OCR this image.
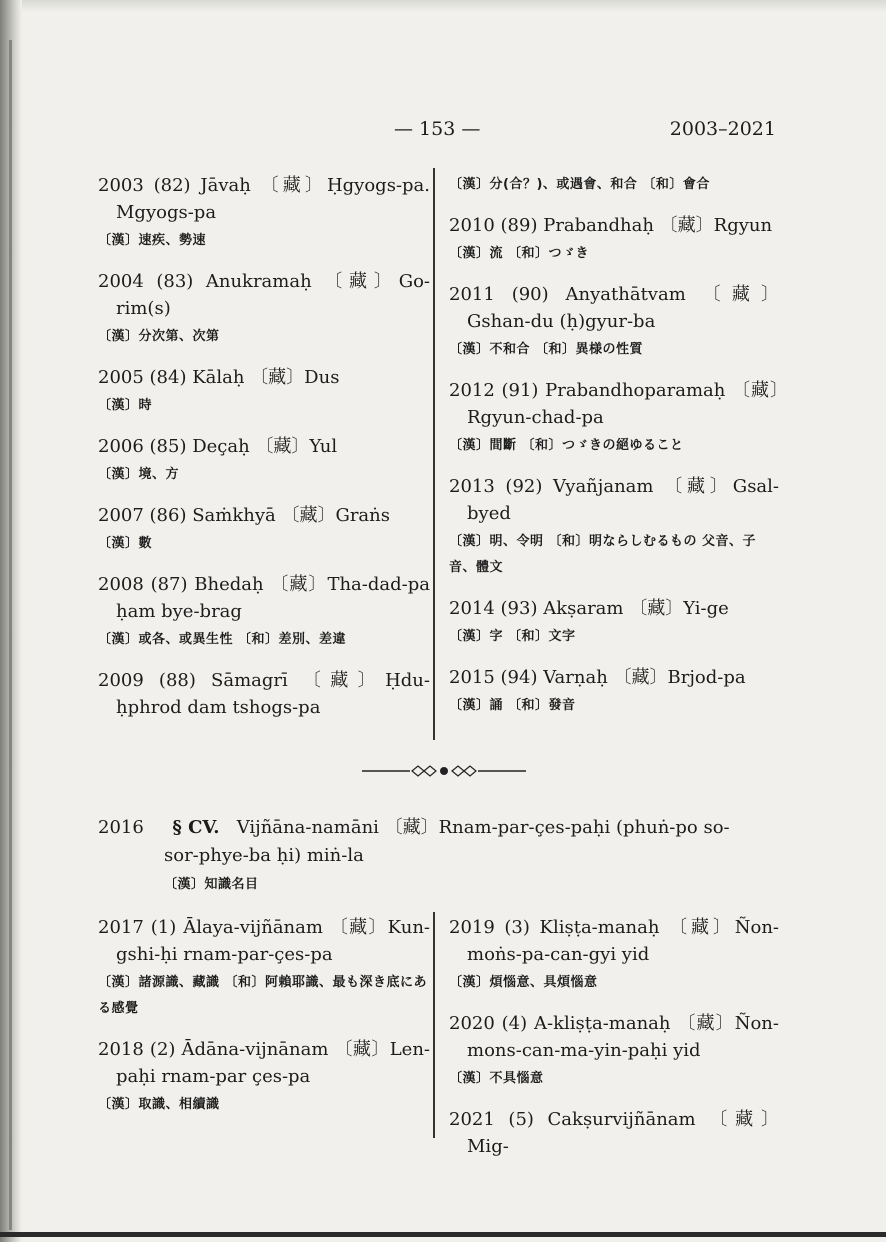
— 153 —	2003–2021
2003 (82) Jāvaḥ 〔藏〕Ḥgyogs-pa. Mgyogs-pa
〔漢〕速疾、勢速
2004 (83) Anukramaḥ 〔藏〕Go-rim(s)
〔漢〕分次第、次第
2005 (84) Kālaḥ 〔藏〕Dus
〔漢〕時
2006 (85) Deçaḥ 〔藏〕Yul
〔漢〕境、方
2007 (86) Saṁkhyā 〔藏〕Graṅs
〔漢〕數
2008 (87) Bhedaḥ 〔藏〕Tha-dad-pa ḥam bye-brag
〔漢〕或各、或異生性 〔和〕差別、差違
2009 (88) Sāmagrī 〔藏〕Ḥdu-ḥphrod dam tshogs-pa
〔漢〕分(合？)、或遇會、和合 〔和〕會合
2010 (89) Prabandhaḥ 〔藏〕Rgyun
〔漢〕流 〔和〕つゞき
2011 (90) Anyathātvam 〔藏〕Gshan-du (ḥ)gyur-ba
〔漢〕不和合 〔和〕異様の性質
2012 (91) Prabandhoparamaḥ 〔藏〕Rgyun-chad-pa
〔漢〕間斷 〔和〕つゞきの絕ゆること
2013 (92) Vyañjanam 〔藏〕Gsal-byed
〔漢〕明、令明 〔和〕明ならしむるもの 父音、子音、體文
2014 (93) Akṣaram 〔藏〕Yi-ge
〔漢〕字 〔和〕文字
2015 (94) Varṇaḥ 〔藏〕Brjod-pa
〔漢〕誦 〔和〕發音
2016 § CV. Vijñāna-namāni 〔藏〕Rnam-par-çes-paḥi (phuṅ-po so-
sor-phye-ba ḥi) miṅ-la
〔漢〕知識名目
2017 (1) Ālaya-vijñānam 〔藏〕Kun-gshi-ḥi rnam-par-çes-pa
〔漢〕諸源識、藏識 〔和〕阿賴耶識、最も深き底にある感覺
2018 (2) Ādāna-vijnānam 〔藏〕Len-paḥi rnam-par çes-pa
〔漢〕取識、相續識
2019 (3) Kliṣṭa-manaḥ 〔藏〕Ñon-moṅs-pa-can-gyi yid
〔漢〕煩惱意、具煩惱意
2020 (4) A-kliṣṭa-manaḥ 〔藏〕Ñon-mons-can-ma-yin-paḥi yid
〔漢〕不具惱意
2021 (5) Cakṣurvijñānam 〔藏〕Mig-
